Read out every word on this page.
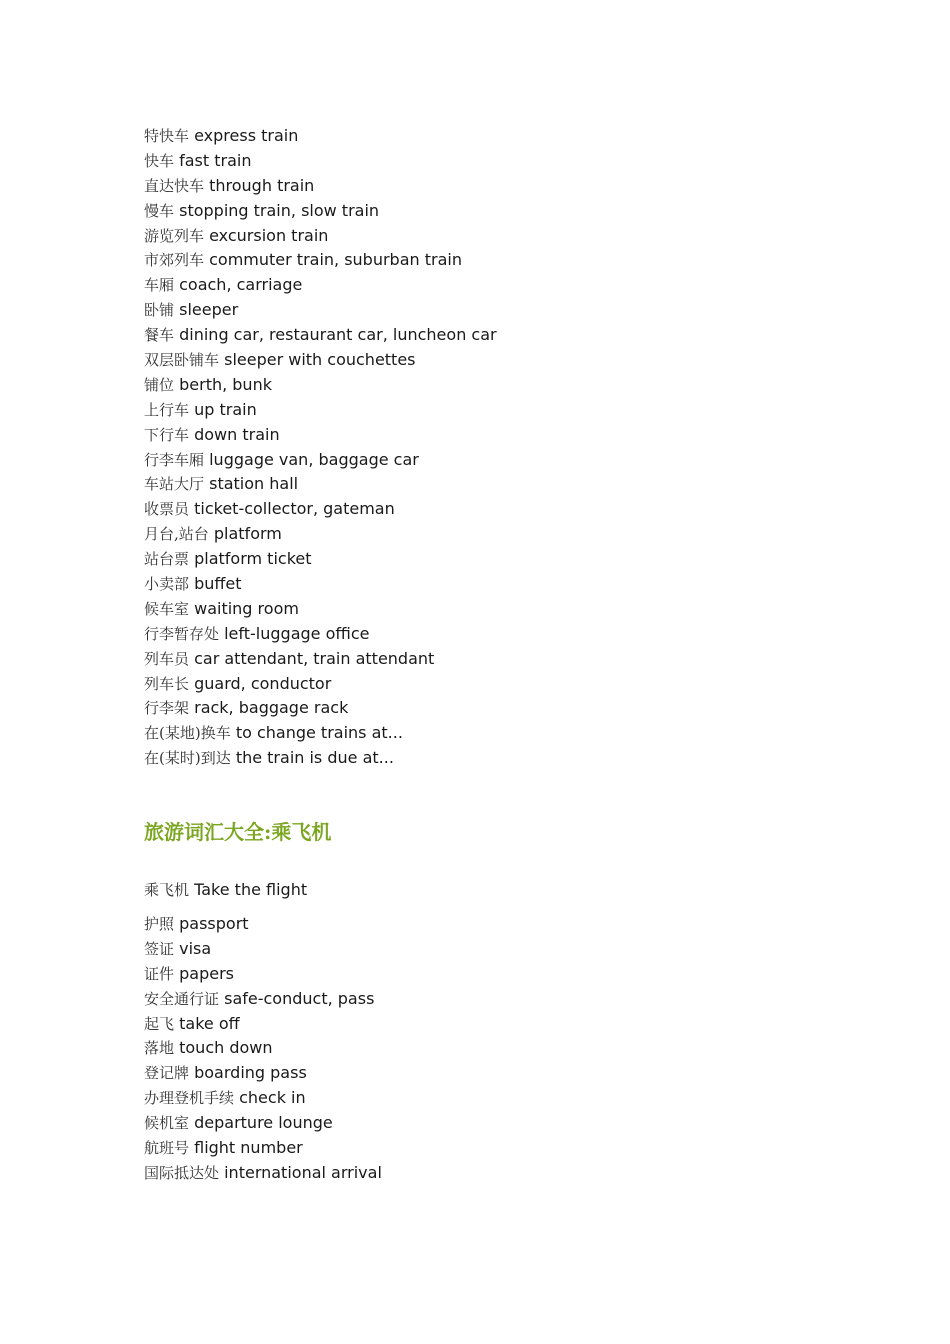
特快车 express train
快车 fast train
直达快车 through train
慢车 stopping train, slow train
游览列车 excursion train
市郊列车 commuter train, suburban train
车厢 coach, carriage
卧铺 sleeper
餐车 dining car, restaurant car, luncheon car
双层卧铺车 sleeper with couchettes
铺位 berth, bunk
上行车 up train
下行车 down train
行李车厢 luggage van, baggage car
车站大厅 station hall
收票员 ticket-collector, gateman
月台,站台 platform
站台票 platform ticket
小卖部 buffet
候车室 waiting room
行李暂存处 left-luggage office
列车员 car attendant, train attendant
列车长 guard, conductor
行李架 rack, baggage rack
在(某地)换车 to change trains at...
在(某时)到达 the train is due at...
旅游词汇大全:乘飞机
乘飞机 Take the flight
护照 passport
签证 visa
证件 papers
安全通行证 safe-conduct, pass
起飞 take off
落地 touch down
登记牌 boarding pass
办理登机手续 check in
候机室 departure lounge
航班号 flight number
国际抵达处 international arrival
